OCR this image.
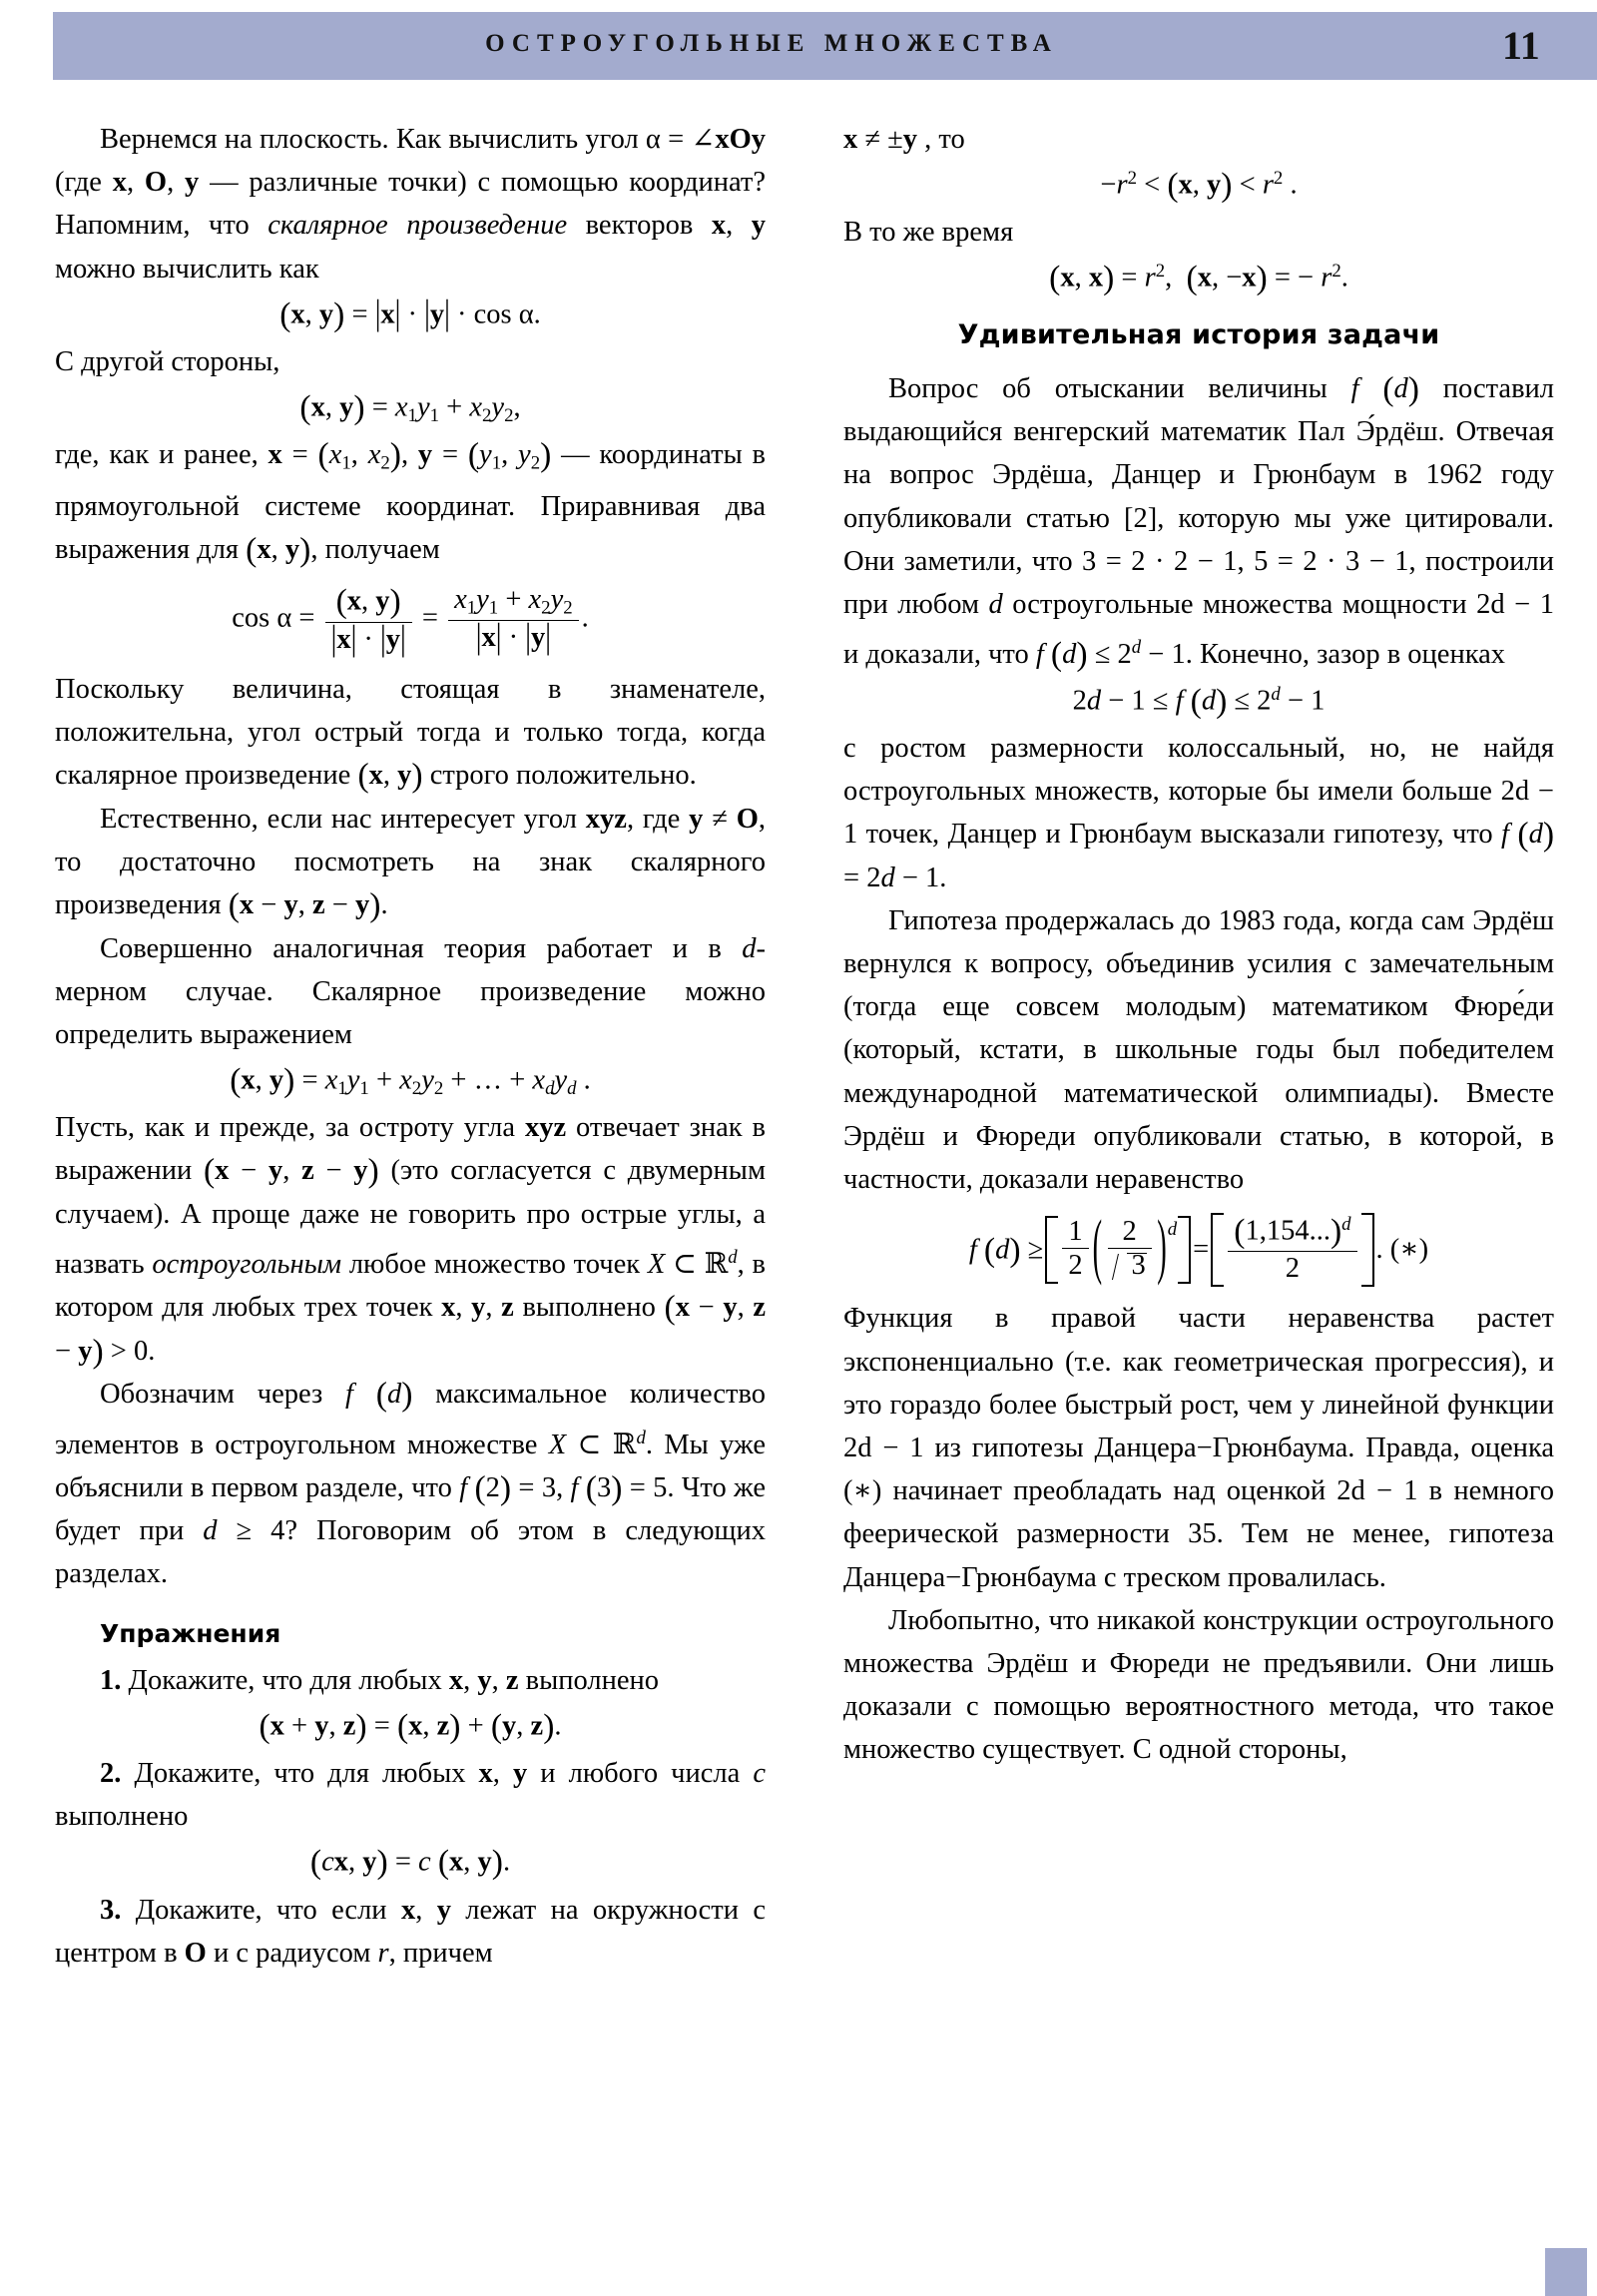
ОСТРОУГОЛЬНЫЕ МНОЖЕСТВА	11

Вернемся на плоскость. Как вычислить угол α = ∠xOy (где x, O, y — различные точки) с помощью координат? Напомним, что скалярное произведение векторов x, y можно вычислить как

(x, y) = |x| · |y| · cos α.

С другой стороны,

(x, y) = x1y1 + x2y2,

где, как и ранее, x = (x1, x2), y = (y1, y2) — координаты в прямоугольной системе координат. Приравнивая два выражения для (x, y), получаем

$\cos \alpha = \frac{(x, y)}{|x| \cdot |y|} = \frac{x1y1 + x2y2}{|x| \cdot |y|}$ .

Поскольку величина, стоящая в знаменателе, положительна, угол острый тогда и только тогда, когда скалярное произведение (x, y) строго положительно.

Естественно, если нас интересует угол xyz, где y ≠ O, то достаточно посмотреть на знак скалярного произведения (x − y, z − y).

Совершенно аналогичная теория работает и в d-мерном случае. Скалярное произведение можно определить выражением

(x, y) = x1y1 + x2y2 + … + $x_dy_d$ .

Пусть, как и прежде, за остроту угла xyz отвечает знак в выражении (x − y, z − y) (это согласуется с двумерным случаем). А проще даже не говорить про острые углы, а назвать остроугольным любое множество точек X ⊂ ℝ$^d$, в котором для любых трех точек x, y, z выполнено (x − y, z − y) > 0.

Обозначим через f (d) максимальное количество элементов в остроугольном множестве X ⊂ ℝ$^d$. Мы уже объяснили в первом разделе, что f (2) = 3, f (3) = 5. Что же будет при d ≥ 4? Поговорим об этом в следующих разделах.

Упражнения

1. Докажите, что для любых x, y, z выполнено

(x + y, z) = (x, z) + (y, z).

2. Докажите, что для любых x, y и любого числа c выполнено

(cx, y) = c (x, y).

3. Докажите, что если x, y лежат на окружности с центром в O и с радиусом r, причем

x ≠ ±y , то

$-r^2 < (x$, $y) < r^2$ .

В то же время

(x, $x) = r^2$,  (x, −x) = − $r^2$.

Удивительная история задачи

Вопрос об отыскании величины f (d) поставил выдающийся венгерский математик Пал Э́рдёш. Отвечая на вопрос Эрдёша, Данцер и Грюнбаум в 1962 году опубликовали статью [2], которую мы уже цитировали. Они заметили, что 3 = 2 · 2 − 1, 5 = 2 · 3 − 1, построили при любом d остроугольные множества мощности 2d − 1 и доказали, что f $(d) \le 2^d - 1$. Конечно, зазор в оценках

2d − 1 ≤ f $(d) \le 2^d - 1$

с ростом размерности колоссальный, но, не найдя остроугольных множеств, которые бы имели больше 2d − 1 точек, Данцер и Грюнбаум высказали гипотезу, что f (d) = 2d − 1.

Гипотеза продержалась до 1983 года, когда сам Эрдёш вернулся к вопросу, объединив усилия с замечательным (тогда еще совсем молодым) математиком Фюре́ди (который, кстати, в школьные годы был победителем международной математической олимпиады). Вместе Эрдёш и Фюреди опубликовали статью, в которой, в частности, доказали неравенство

f $(d) \ge \frac{1}{2}$ ( $\frac{2}{3}$
) $^d= \frac{(1,154...)^d}{2}$ . (∗)

Функция в правой части неравенства растет экспоненциально (т.е. как геометрическая прогрессия), и это гораздо более быстрый рост, чем у линейной функции 2d − 1 из гипотезы Данцера−Грюнбаума. Правда, оценка (∗) начинает преобладать над оценкой 2d − 1 в немного феерической размерности 35. Тем не менее, гипотеза Данцера−Грюнбаума с треском провалилась.

Любопытно, что никакой конструкции остроугольного множества Эрдёш и Фюреди не предъявили. Они лишь доказали с помощью вероятностного метода, что такое множество существует. С одной стороны,
